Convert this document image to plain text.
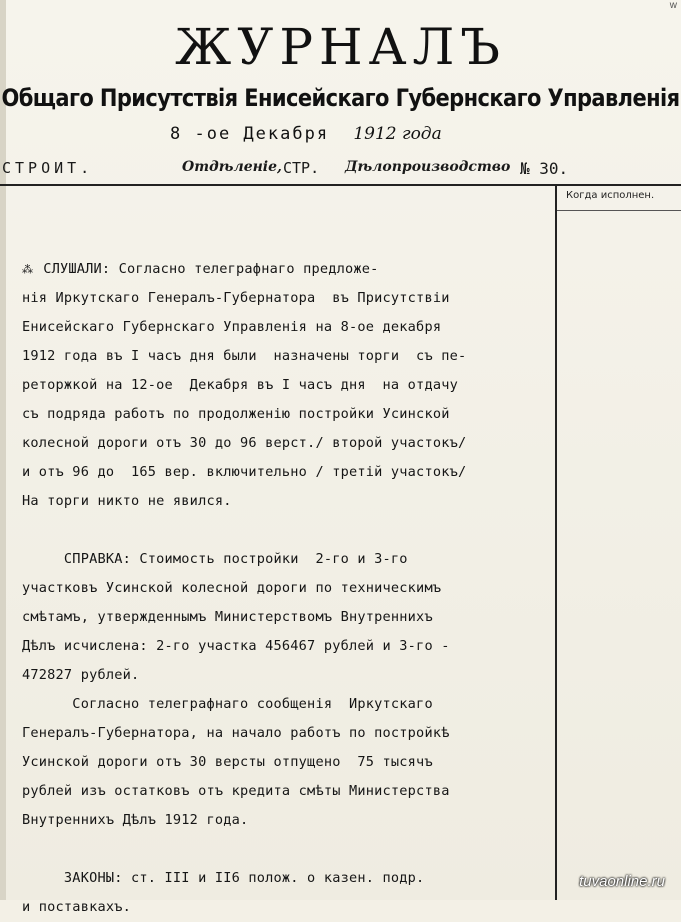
w
ЖУРНАЛЪ
Общаго Присутствія Енисейскаго Губернскаго Управленія
8 -ое Декабря 1912 года
СТРОИТ.	Отдѣленіе, СТР. Дѣлопроизводство № 30.
Когда исполнен.
⁂ СЛУШАЛИ: Согласно телеграфнаго предложе-
нія Иркутскаго Генералъ-Губернатора  въ Присутствіи
Енисейскаго Губернскаго Управленія на 8-ое декабря
1912 года въ I часъ дня были  назначены торги  съ пе-
реторжкой на 12-ое  Декабря въ I часъ дня  на отдачу
съ подряда работъ по продолженію постройки Усинской
колесной дороги отъ 30 до 96 верст./ второй участокъ/
и отъ 96 до  165 вер. включительно / третій участокъ/
На торги никто не явился.
СПРАВКА: Стоимость постройки  2-го и 3-го
участковъ Усинской колесной дороги по техническимъ
смѣтамъ, утвержденнымъ Министерствомъ Внутреннихъ
Дѣлъ исчислена: 2-го участка 456467 рублей и 3-го -
472827 рублей.
Согласно телеграфнаго сообщенія  Иркутскаго
Генералъ-Губернатора, на начало работъ по постройкѣ
Усинской дороги отъ 30 версты отпущено  75 тысячъ
рублей изъ остатковъ отъ кредита смѣты Министерства
Внутреннихъ Дѣлъ 1912 года.
ЗАКОНЫ: ст. III и II6 полож. о казен. подр.
и поставкахъ.
tuvaonline.ru
